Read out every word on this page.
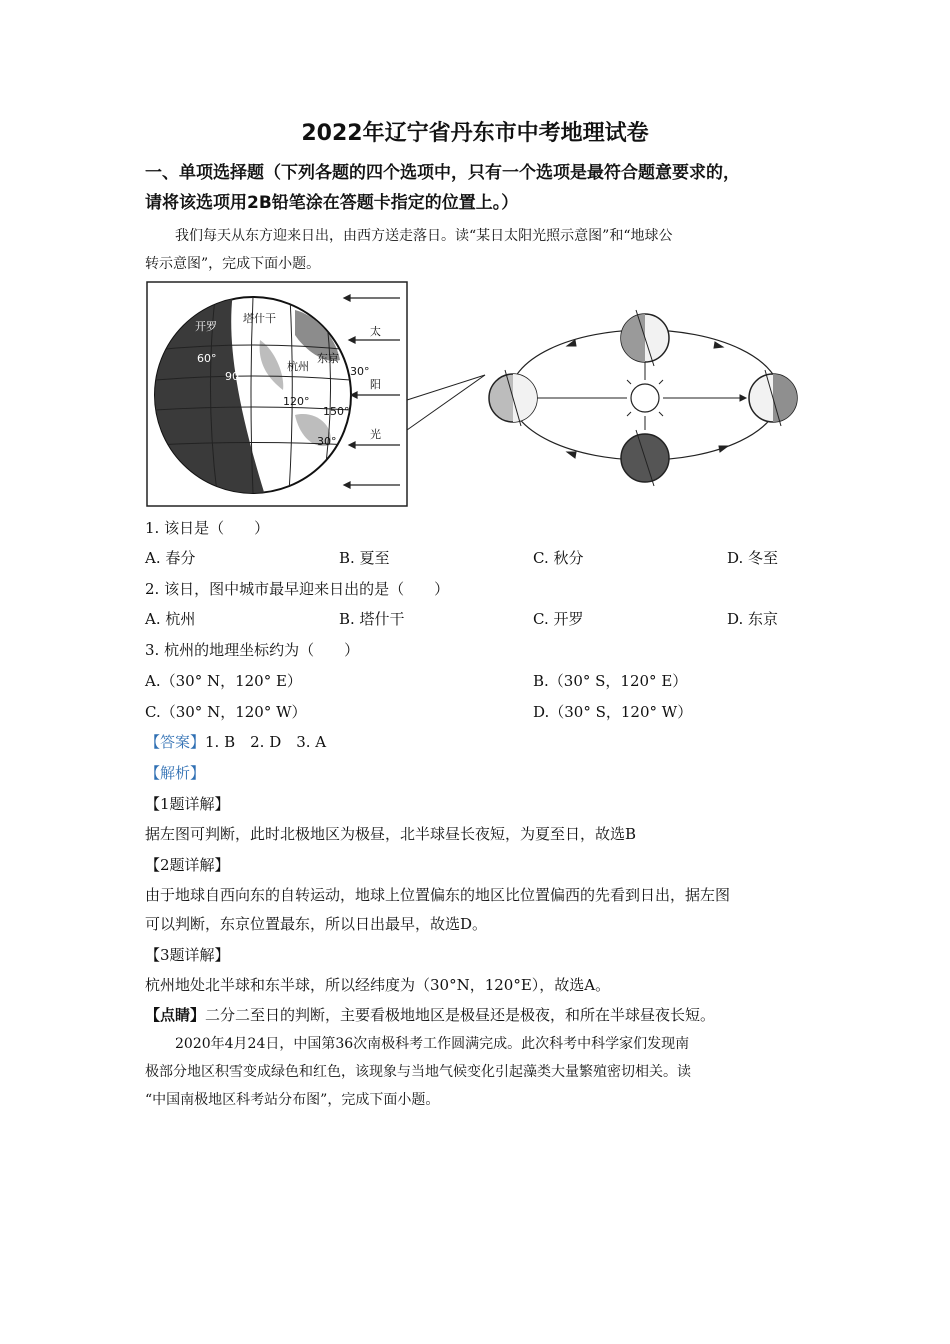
2022年辽宁省丹东市中考地理试卷
一、单项选择题（下列各题的四个选项中，只有一个选项是最符合题意要求的，
请将该选项用2B铅笔涂在答题卡指定的位置上。）
我们每天从东方迎来日出，由西方送走落日。读“某日太阳光照示意图”和“地球公
转示意图”，完成下面小题。
太
阳
光
开罗
塔什干
东京
杭州
60°
90°
120°
150°
30°
30°
1. 该日是（　　）
A. 春分	B. 夏至	C. 秋分	D. 冬至
2. 该日，图中城市最早迎来日出的是（　　）
A. 杭州	B. 塔什干	C. 开罗	D. 东京
3. 杭州的地理坐标约为（　　）
A.（30° N，120° E）	B.（30° S，120° E）
C.（30° N，120° W）	D.（30° S，120° W）
【答案】1. B　2. D　3. A
【解析】
【1题详解】
据左图可判断，此时北极地区为极昼，北半球昼长夜短，为夏至日，故选B
【2题详解】
由于地球自西向东的自转运动，地球上位置偏东的地区比位置偏西的先看到日出，据左图
可以判断，东京位置最东，所以日出最早，故选D。
【3题详解】
杭州地处北半球和东半球，所以经纬度为（30°N，120°E），故选A。
【点睛】二分二至日的判断，主要看极地地区是极昼还是极夜，和所在半球昼夜长短。
2020年4月24日，中国第36次南极科考工作圆满完成。此次科考中科学家们发现南
极部分地区积雪变成绿色和红色，该现象与当地气候变化引起藻类大量繁殖密切相关。读
“中国南极地区科考站分布图”，完成下面小题。
